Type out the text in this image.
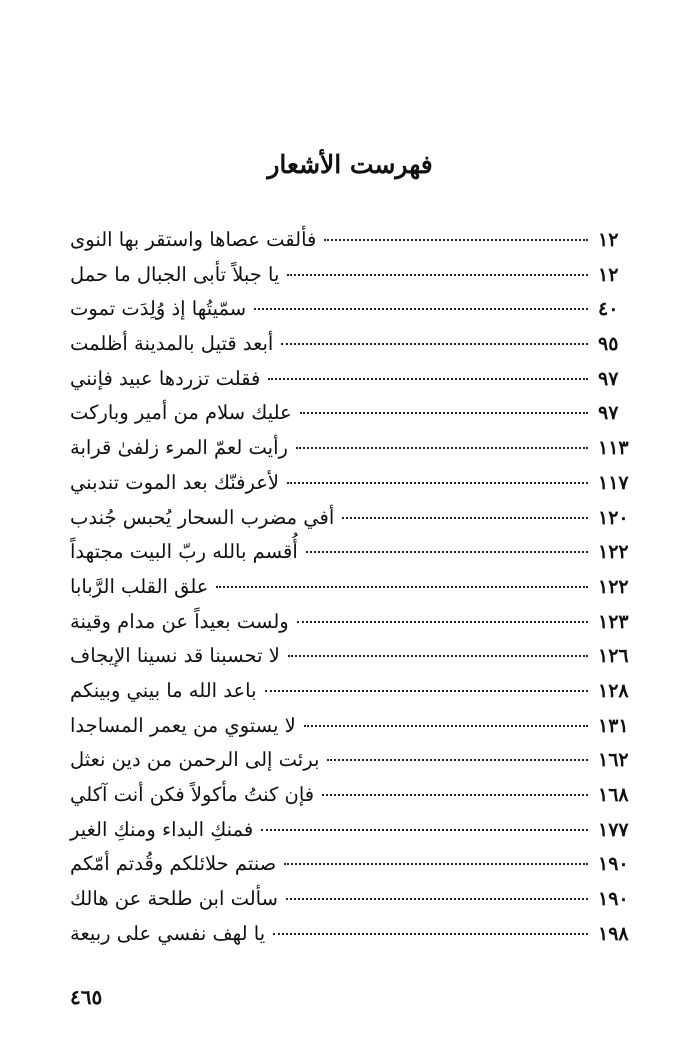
فهرست الأشعار
فألقت عصاها واستقر بها النوى	١٢
يا جبلاً تأبى الجبال ما حمل	١٢
سمّيتُها إذ وُلِدَت تموت	٤٠
أبعد قتيل بالمدينة أظلمت	٩٥
فقلت تزردها عبيد فإنني	٩٧
عليك سلام من أمير وباركت	٩٧
رأيت لعمّ المرء زلفىٰ قرابة	١١٣
لأعرفنّك بعد الموت تندبني	١١٧
أفي مضرب السحار يُحبس جُندب	١٢٠
أُقسم بالله ربّ البيت مجتهداً	١٢٢
علق القلب الرَّبابا	١٢٢
ولست بعيداً عن مدام وقينة	١٢٣
لا تحسبنا قد نسينا الإيجاف	١٢٦
باعد الله ما بيني وبينكم	١٢٨
لا يستوي من يعمر المساجدا	١٣١
برئت إلى الرحمن من دين نعثل	١٦٢
فإن كنتُ مأكولاً فكن أنت آكلي	١٦٨
فمنكِ البداء ومنكِ الغير	١٧٧
صنتم حلائلكم وقُدتم أمّكم	١٩٠
سألت ابن طلحة عن هالك	١٩٠
يا لهف نفسي على ربيعة	١٩٨
٤٦٥
